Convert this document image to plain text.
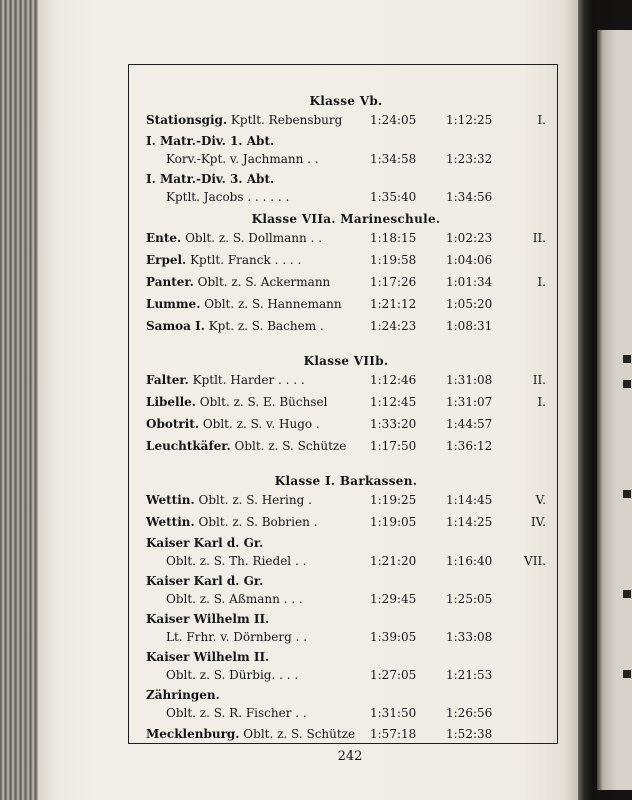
Klasse Vb.
Stationsgig. Kptlt. Rebensburg 1:24:05 1:12:25	I.
I. Matr.-Div. 1. Abt.
Korv.-Kpt. v. Jachmann . .	1:34:58 1:23:32
I. Matr.-Div. 3. Abt.
Kptlt. Jacobs . . . . . .	1:35:40 1:34:56
Klasse VIIa. Marineschule.
Ente. Oblt. z. S. Dollmann . .	1:18:15 1:02:23	II.
Erpel. Kptlt. Franck . . . .	1:19:58 1:04:06
Panter. Oblt. z. S. Ackermann	1:17:26 1:01:34	I.
Lumme. Oblt. z. S. Hannemann 1:21:12 1:05:20
Samoa I. Kpt. z. S. Bachem .	1:24:23 1:08:31
Klasse VIIb.
Falter. Kptlt. Harder . . . .	1:12:46 1:31:08	II.
Libelle. Oblt. z. S. E. Büchsel	1:12:45 1:31:07	I.
Obotrit. Oblt. z. S. v. Hugo .	1:33:20 1:44:57
Leuchtkäfer. Oblt. z. S. Schütze 1:17:50 1:36:12
Klasse I. Barkassen.
Wettin. Oblt. z. S. Hering .	1:19:25 1:14:45	V.
Wettin. Oblt. z. S. Bobrien .	1:19:05 1:14:25	IV.
Kaiser Karl d. Gr.
Oblt. z. S. Th. Riedel . .	1:21:20 1:16:40	VII.
Kaiser Karl d. Gr.
Oblt. z. S. Aßmann . . .	1:29:45 1:25:05
Kaiser Wilhelm II.
Lt. Frhr. v. Dörnberg . .	1:39:05 1:33:08
Kaiser Wilhelm II.
Oblt. z. S. Dürbig. . . .	1:27:05 1:21:53
Zähringen.
Oblt. z. S. R. Fischer . .	1:31:50 1:26:56
Mecklenburg. Oblt. z. S. Schütze 1:57:18 1:52:38
242
